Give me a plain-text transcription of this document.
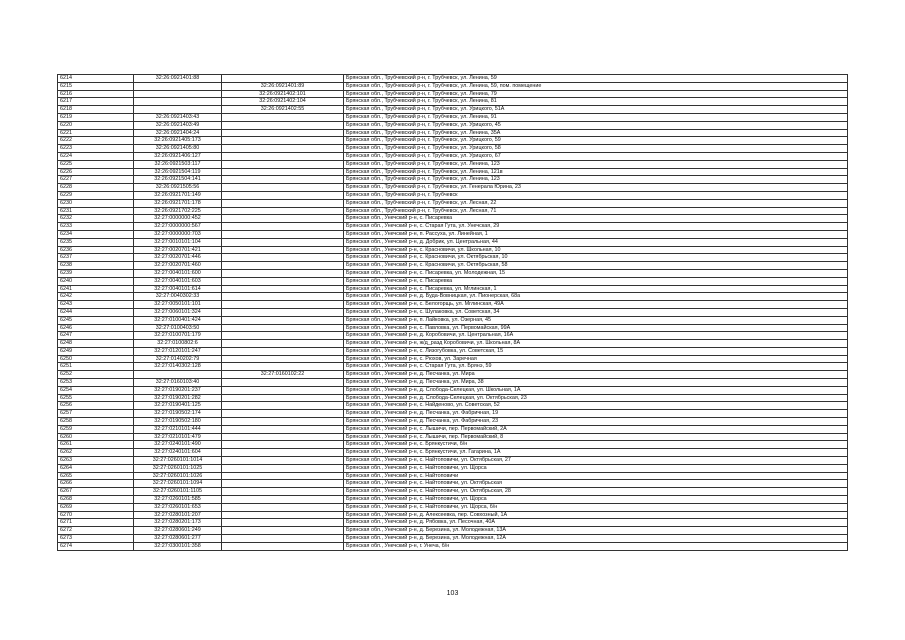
6214	32:26:0921401:88		Брянская обл., Трубчевский р-н, г. Трубчевск, ул. Ленина, 59
6215		32:26:0921401:89	Брянская обл., Трубчевский р-н, г. Трубчевск, ул. Ленина, 59, пом. помещение
6216		32:26:0921402:101	Брянская обл., Трубчевский р-н, г. Трубчевск, ул. Ленина, 79
6217		32:26:0921402:104	Брянская обл., Трубчевский р-н, г. Трубчевск, ул. Ленина, 81
6218		32:26:0921402:55	Брянская обл., Трубчевский р-н, г. Трубчевск, ул. Урицкого, 51А
6219	32:26:0921403:43		Брянская обл., Трубчевский р-н, г. Трубчевск, ул. Ленина, 91
6220	32:26:0921403:49		Брянская обл., Трубчевский р-н, г. Трубчевск, ул. Урицкого, 45
6221	32:26:0921404:24		Брянская обл., Трубчевский р-н, г. Трубчевск, ул. Ленина, 35А
6222	32:26:0921405:173		Брянская обл., Трубчевский р-н, г. Трубчевск, ул. Урицкого, 59
6223	32:26:0921405:80		Брянская обл., Трубчевский р-н, г. Трубчевск, ул. Урицкого, 58
6224	32:26:0921406:127		Брянская обл., Трубчевский р-н, г. Трубчевск, ул. Урицкого, 67
6225	32:26:0921503:117		Брянская обл., Трубчевский р-н, г. Трубчевск, ул. Ленина, 123
6226	32:26:0921504:119		Брянская обл., Трубчевский р-н, г. Трубчевск, ул. Ленина, 121в
6227	32:26:0921504:141		Брянская обл., Трубчевский р-н, г. Трубчевск, ул. Ленина, 123
6228	32:26:0921505:56		Брянская обл., Трубчевский р-н, г. Трубчевск, ул. Генерала Юрина, 23
6229	32:26:0921701:149		Брянская обл., Трубчевский р-н, г. Трубчевск
6230	32:26:0921701:178		Брянская обл., Трубчевский р-н, г. Трубчевск, ул. Лесная, 22
6231	32:26:0921702:225		Брянская обл., Трубчевский р-н, г. Трубчевск, ул. Лесная, 71
6232	32:27:0000000:452		Брянская обл., Унечский р-н, с. Писаревка
6233	32:27:0000000:567		Брянская обл., Унечский р-н, с. Старая Гута, ул. Унечская, 29
6234	32:27:0000000:703		Брянская обл., Унечский р-н, п. Рассуха, ул. Линейная, 1
6235	32:27:0010101:104		Брянская обл., Унечский р-н, д. Добрик, ул. Центральная, 44
6236	32:27:0020701:421		Брянская обл., Унечский р-н, с. Красновичи, ул. Школьная, 10
6237	32:27:0020701:446		Брянская обл., Унечский р-н, с. Красновичи, ул. Октябрьская, 10
6238	32:27:0020701:460		Брянская обл., Унечский р-н, с. Красновичи, ул. Октябрьская, 58
6239	32:27:0040101:600		Брянская обл., Унечский р-н, с. Писаревка, ул. Молодежная, 15
6240	32:27:0040101:603		Брянская обл., Унечский р-н, с. Писаревка
6241	32:27:0040101:614		Брянская обл., Унечский р-н, с. Писаревка, ул. Мглинская, 1
6242	32:27:0040302:33		Брянская обл., Унечский р-н, д. Буда-Вовницкая, ул. Пионерская, 68а
6243	32:27:0050101:101		Брянская обл., Унечский р-н, с. Белогорщь, ул. Мглинская, 49А
6244	32:27:0060101:324		Брянская обл., Унечский р-н, с. Шулаковка, ул. Советская, 34
6245	32:27:0100401:424		Брянская обл., Унечский р-н, п. Лайковка, ул. Озерная, 45
6246	32:27:0100403:50		Брянская обл., Унечский р-н, с. Павловка, ул. Первомайская, 99А
6247	32:27:0100701:179		Брянская обл., Унечский р-н, д. Коробовичи, ул. Центральная, 16А
6248	32:27:0100802:6		Брянская обл., Унечский р-н, ж/д_разд Коробовичи, ул. Школьная, 8А
6249	32:27:0120101:247		Брянская обл., Унечский р-н, с. Лизогубовка, ул. Советская, 15
6250	32:27:0140202:79		Брянская обл., Унечский р-н, с. Рюхов, ул. Заречная
6251	32:27:0140302:128		Брянская обл., Унечский р-н, с. Старая Гута, ул. Брянэ, 59
6252		32:27:0160102:22	Брянская обл., Унечский р-н, д. Песчанка, ул. Мира
6253	32:27:0160103:40		Брянская обл., Унечский р-н, д. Песчанка, ул. Мира, 38
6254	32:27:0190201:237		Брянская обл., Унечский р-н, д. Слобода-Селецкая, ул. Школьная, 1А
6255	32:27:0190201:282		Брянская обл., Унечский р-н, д. Слобода-Селецкая, ул. Октябрьская, 23
6256	32:27:0190401:125		Брянская обл., Унечский р-н, с. Найденово, ул. Советская, 52
6257	32:27:0190502:174		Брянская обл., Унечский р-н, д. Песчанка, ул. Фабричная, 19
6258	32:27:0190502:180		Брянская обл., Унечский р-н, д. Песчанка, ул. Фабричная, 23
6259	32:27:0210101:444		Брянская обл., Унечский р-н, с. Лышичи, пер. Первомайский, 2А
6260	32:27:0210101:479		Брянская обл., Унечский р-н, с. Лышичи, пер. Первомайский, 8
6261	32:27:0240101:490		Брянская обл., Унечский р-н, с. Брянкустичи, б/н
6262	32:27:0240101:604		Брянская обл., Унечский р-н, с. Брянкустичи, ул. Гагарина, 1А
6263	32:27:0260101:1014		Брянская обл., Унечский р-н, с. Найтоповичи, ул. Октябрьская, 27
6264	32:27:0260101:1025		Брянская обл., Унечский р-н, с. Найтоповичи, ул. Щорса
6265	32:27:0260101:1026		Брянская обл., Унечский р-н, с. Найтоповичи
6266	32:27:0260101:1094		Брянская обл., Унечский р-н, с. Найтоповичи, ул. Октябрьская
6267	32:27:0260101:1105		Брянская обл., Унечский р-н, с. Найтоповичи, ул. Октябрьская, 28
6268	32:27:0260101:585		Брянская обл., Унечский р-н, с. Найтоповичи, ул. Щорса
6269	32:27:0260101:653		Брянская обл., Унечский р-н, с. Найтоповичи, ул. Щорса, б/н
6270	32:27:0280101:207		Брянская обл., Унечский р-н, д. Алексеевка, пер. Совхозный, 1А
6271	32:27:0280201:173		Брянская обл., Унечский р-н, д. Рябовка, ул. Песочная, 40А
6272	32:27:0280601:249		Брянская обл., Унечский р-н, д. Березина, ул. Молодежная, 13А
6273	32:27:0280601:277		Брянская обл., Унечский р-н, д. Березина, ул. Молодежная, 12А
6274	32:27:0300101:358		Брянская обл., Унечский р-н, г. Унеча, б/н
103
